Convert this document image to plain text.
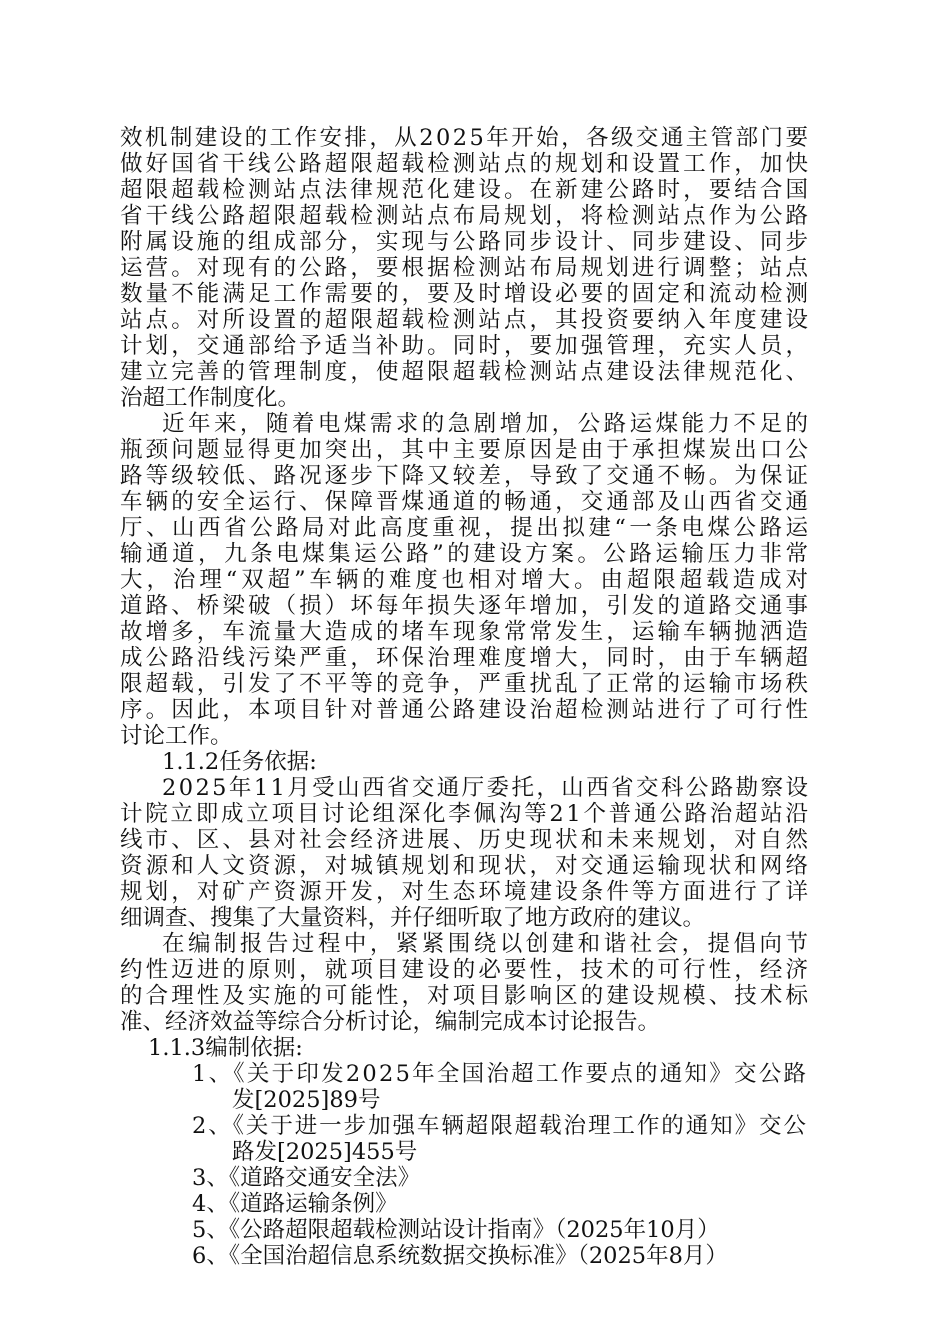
效机制建设的工作安排，从2025年开始，各级交通主管部门要
做好国省干线公路超限超载检测站点的规划和设置工作，加快
超限超载检测站点法律规范化建设。在新建公路时，要结合国
省干线公路超限超载检测站点布局规划，将检测站点作为公路
附属设施的组成部分，实现与公路同步设计、同步建设、同步
运营。对现有的公路，要根据检测站布局规划进行调整；站点
数量不能满足工作需要的，要及时增设必要的固定和流动检测
站点。对所设置的超限超载检测站点，其投资要纳入年度建设
计划，交通部给予适当补助。同时，要加强管理，充实人员，
建立完善的管理制度，使超限超载检测站点建设法律规范化、
治超工作制度化。
近年来，随着电煤需求的急剧增加，公路运煤能力不足的
瓶颈问题显得更加突出，其中主要原因是由于承担煤炭出口公
路等级较低、路况逐步下降又较差，导致了交通不畅。为保证
车辆的安全运行、保障晋煤通道的畅通，交通部及山西省交通
厅、山西省公路局对此高度重视，提出拟建“一条电煤公路运
输通道，九条电煤集运公路”的建设方案。公路运输压力非常
大，治理“双超”车辆的难度也相对增大。由超限超载造成对
道路、桥梁破（损）坏每年损失逐年增加，引发的道路交通事
故增多，车流量大造成的堵车现象常常发生，运输车辆抛洒造
成公路沿线污染严重，环保治理难度增大，同时，由于车辆超
限超载，引发了不平等的竞争，严重扰乱了正常的运输市场秩
序。因此，本项目针对普通公路建设治超检测站进行了可行性
讨论工作。
1.1.2任务依据:
2025年11月受山西省交通厅委托，山西省交科公路勘察设
计院立即成立项目讨论组深化李佩沟等21个普通公路治超站沿
线市、区、县对社会经济进展、历史现状和未来规划，对自然
资源和人文资源，对城镇规划和现状，对交通运输现状和网络
规划，对矿产资源开发，对生态环境建设条件等方面进行了详
细调查、搜集了大量资料，并仔细听取了地方政府的建议。
在编制报告过程中，紧紧围绕以创建和谐社会，提倡向节
约性迈进的原则，就项目建设的必要性，技术的可行性，经济
的合理性及实施的可能性，对项目影响区的建设规模、技术标
准、经济效益等综合分析讨论，编制完成本讨论报告。
1.1.3编制依据:
1、《关于印发2025年全国治超工作要点的通知》交公路
发[2025]89号
2、《关于进一步加强车辆超限超载治理工作的通知》交公
路发[2025]455号
3、《道路交通安全法》
4、《道路运输条例》
5、《公路超限超载检测站设计指南》（2025年10月）
6、《全国治超信息系统数据交换标准》（2025年8月）
